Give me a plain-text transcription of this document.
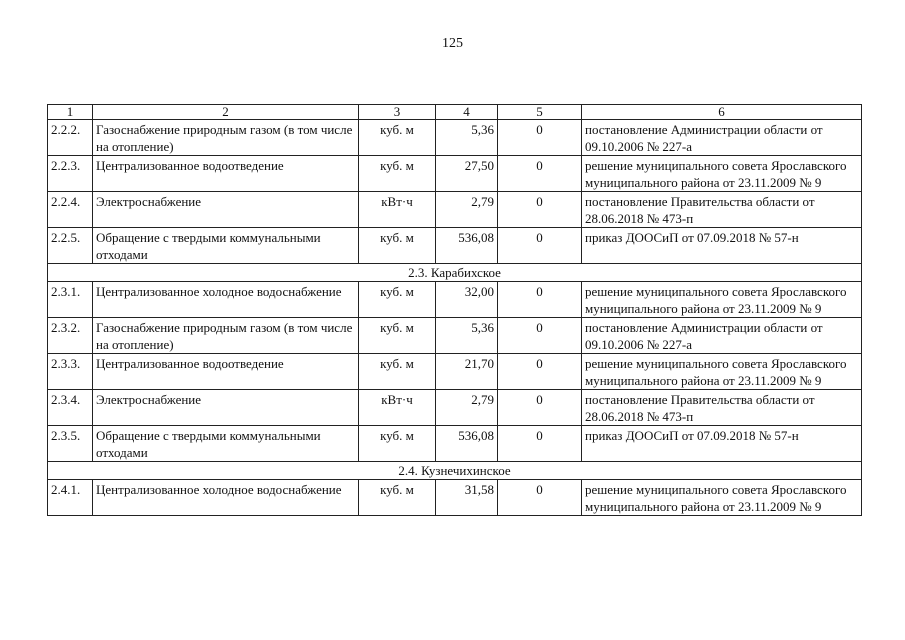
125
1	2	3	4	5	6
2.2.2.	Газоснабжение природным газом (в том числе на отопление)	куб. м	5,36	0	постановление Администрации области от 09.10.2006 № 227-а
2.2.3.	Централизованное водоотведение	куб. м	27,50	0	решение муниципального совета Ярославского муниципального района от 23.11.2009 № 9
2.2.4.	Электроснабжение	кВт·ч	2,79	0	постановление Правительства области от 28.06.2018 № 473-п
2.2.5.	Обращение с твердыми коммунальными отходами	куб. м	536,08	0	приказ ДООСиП от 07.09.2018 № 57-н
2.3. Карабихское					
2.3.1.	Централизованное холодное водоснабжение	куб. м	32,00	0	решение муниципального совета Ярославского муниципального района от 23.11.2009 № 9
2.3.2.	Газоснабжение природным газом (в том числе на отопление)	куб. м	5,36	0	постановление Администрации области от 09.10.2006 № 227-а
2.3.3.	Централизованное водоотведение	куб. м	21,70	0	решение муниципального совета Ярославского муниципального района от 23.11.2009 № 9
2.3.4.	Электроснабжение	кВт·ч	2,79	0	постановление Правительства области от 28.06.2018 № 473-п
2.3.5.	Обращение с твердыми коммунальными отходами	куб. м	536,08	0	приказ ДООСиП от 07.09.2018 № 57-н
2.4. Кузнечихинское					
2.4.1.	Централизованное холодное водоснабжение	куб. м	31,58	0	решение муниципального совета Ярославского муниципального района от 23.11.2009 № 9
